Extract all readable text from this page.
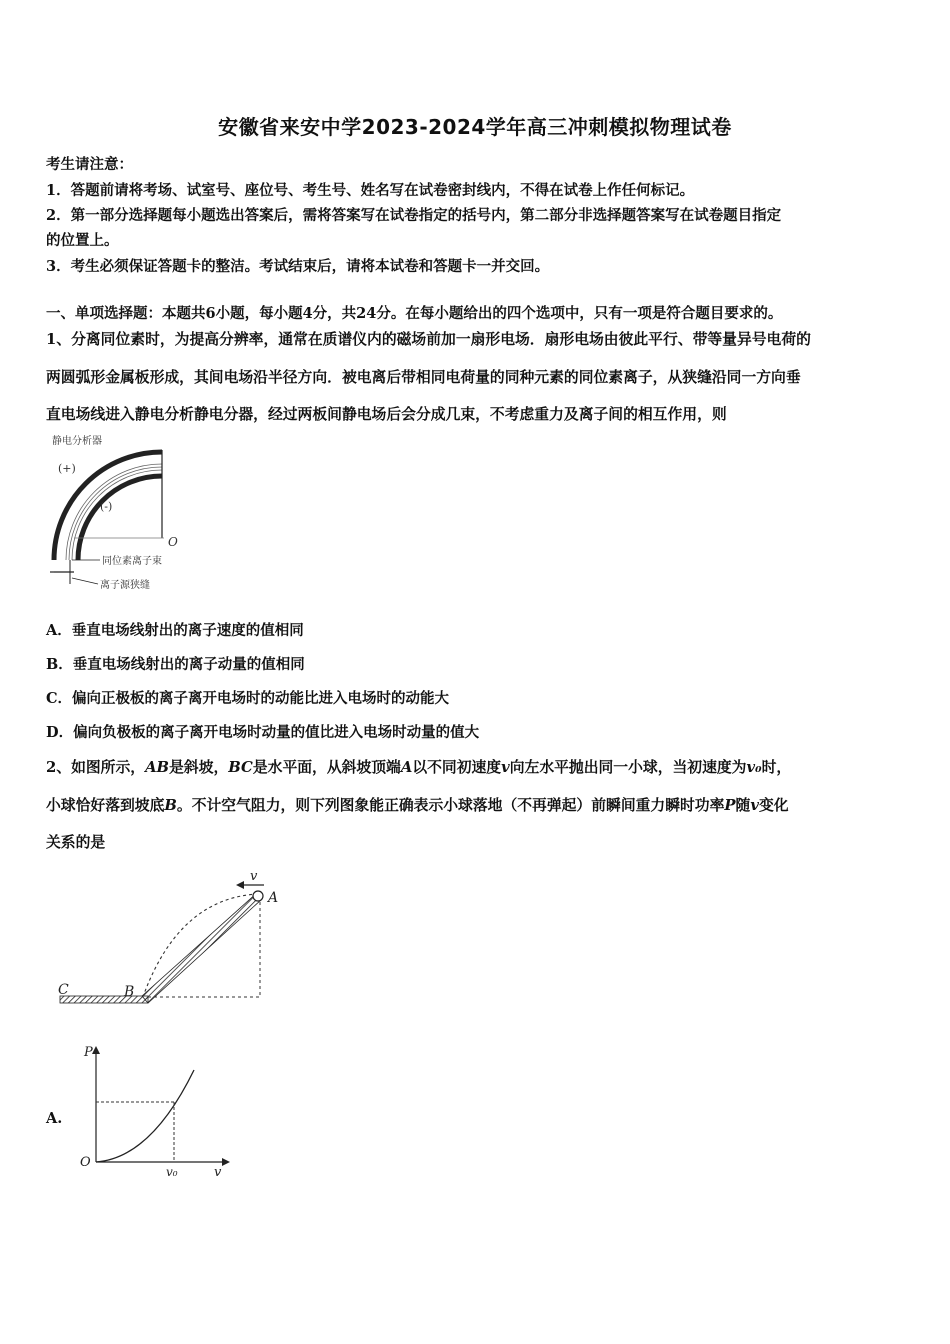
安徽省来安中学2023-2024学年高三冲刺模拟物理试卷
考生请注意：
1．答题前请将考场、试室号、座位号、考生号、姓名写在试卷密封线内，不得在试卷上作任何标记。
2．第一部分选择题每小题选出答案后，需将答案写在试卷指定的括号内，第二部分非选择题答案写在试卷题目指定
的位置上。
3．考生必须保证答题卡的整洁。考试结束后，请将本试卷和答题卡一并交回。
一、单项选择题：本题共6小题，每小题4分，共24分。在每小题给出的四个选项中，只有一项是符合题目要求的。
1、分离同位素时，为提高分辨率，通常在质谱仪内的磁场前加一扇形电场．扇形电场由彼此平行、带等量异号电荷的
两圆弧形金属板形成，其间电场沿半径方向．被电离后带相同电荷量的同种元素的同位素离子，从狭缝沿同一方向垂
直电场线进入静电分析静电分器，经过两板间静电场后会分成几束，不考虑重力及离子间的相互作用，则
静电分析器
(+)
(-)
O
同位素离子束
离子源狭缝
A．垂直电场线射出的离子速度的值相同
B．垂直电场线射出的离子动量的值相同
C．偏向正极板的离子离开电场时的动能比进入电场时的动能大
D．偏向负极板的离子离开电场时动量的值比进入电场时动量的值大
2、如图所示，AB是斜坡，BC是水平面，从斜坡顶端A以不同初速度v向左水平抛出同一小球，当初速度为v₀时，
小球恰好落到坡底B。不计空气阻力，则下列图象能正确表示小球落地（不再弹起）前瞬间重力瞬时功率P随v变化
关系的是
v
A
B
C
A.
P
v
O
v₀
